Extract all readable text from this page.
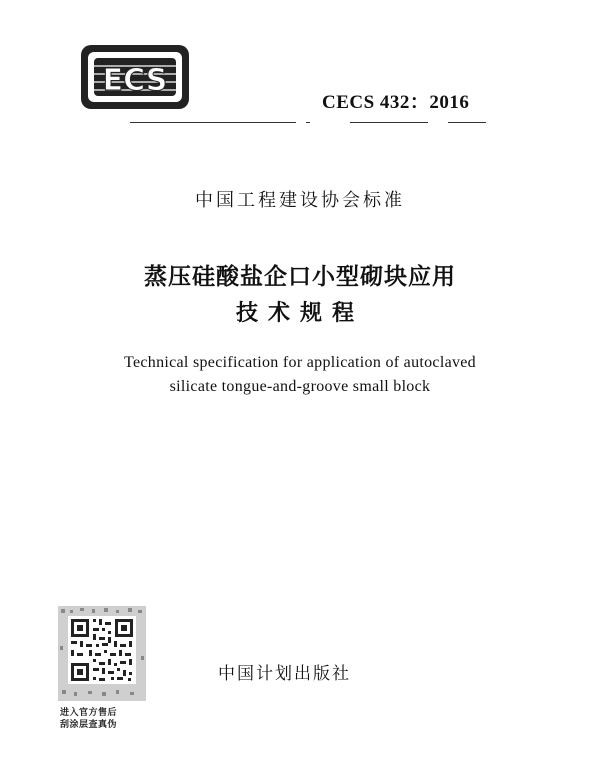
ECS
CECS 432：2016
中国工程建设协会标准
蒸压硅酸盐企口小型砌块应用
技术规程
Technical specification for application of autoclaved
silicate tongue-and-groove small block
进入官方售后
刮涂层查真伪
中国计划出版社
